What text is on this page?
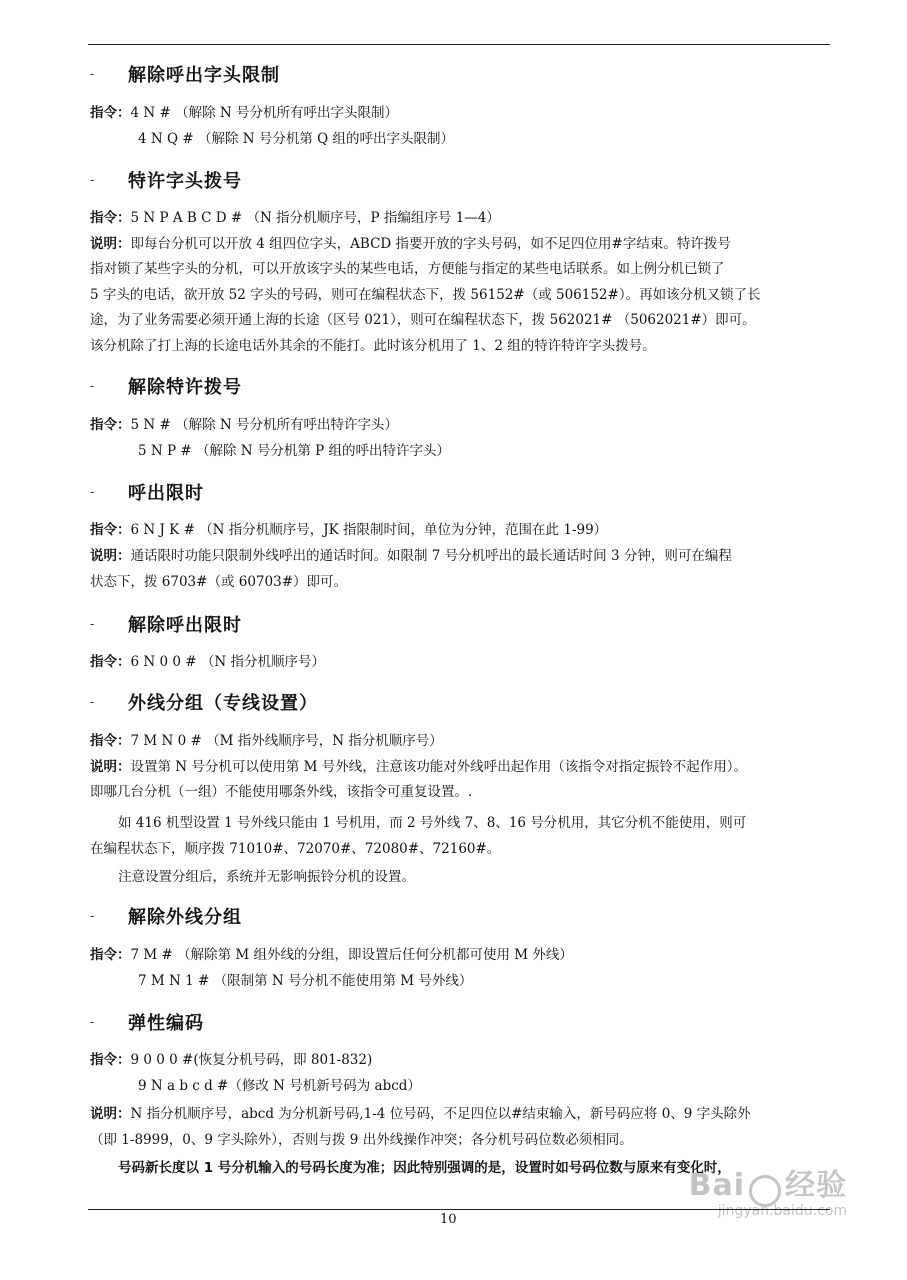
-	解除呼出字头限制
指令：4 N # （解除 N 号分机所有呼出字头限制）
4 N Q # （解除 N 号分机第 Q 组的呼出字头限制）
-	特许字头拨号
指令：5 N P A B C D # （N 指分机顺序号，P 指编组序号 1—4）
说明：即每台分机可以开放 4 组四位字头，ABCD 指要开放的字头号码，如不足四位用#字结束。特许拨号
指对锁了某些字头的分机，可以开放该字头的某些电话，方便能与指定的某些电话联系。如上例分机已锁了
5 字头的电话，欲开放 52 字头的号码，则可在编程状态下，拨 56152#（或 506152#）。再如该分机又锁了长
途，为了业务需要必须开通上海的长途（区号 021），则可在编程状态下，拨 562021# （5062021#）即可。
该分机除了打上海的长途电话外其余的不能打。此时该分机用了 1、2 组的特许特许字头拨号。
-	解除特许拨号
指令：5 N # （解除 N 号分机所有呼出特许字头）
5 N P # （解除 N 号分机第 P 组的呼出特许字头）
-	呼出限时
指令：6 N J K # （N 指分机顺序号，JK 指限制时间，单位为分钟，范围在此 1-99）
说明：通话限时功能只限制外线呼出的通话时间。如限制 7 号分机呼出的最长通话时间 3 分钟，则可在编程
状态下，拨 6703#（或 60703#）即可。
-	解除呼出限时
指令：6 N 0 0 # （N 指分机顺序号）
-	外线分组（专线设置）
指令：7 M N 0 # （M 指外线顺序号，N 指分机顺序号）
说明：设置第 N 号分机可以使用第 M 号外线，注意该功能对外线呼出起作用（该指令对指定振铃不起作用）。
即哪几台分机（一组）不能使用哪条外线，该指令可重复设置。.
如 416 机型设置 1 号外线只能由 1 号机用，而 2 号外线 7、8、16 号分机用，其它分机不能使用，则可
在编程状态下，顺序拨 71010#、72070#、72080#、72160#。
注意设置分组后，系统并无影响振铃分机的设置。
-	解除外线分组
指令：7 M # （解除第 M 组外线的分组，即设置后任何分机都可使用 M 外线）
7 M N 1 # （限制第 N 号分机不能使用第 M 号外线）
-	弹性编码
指令：9 0 0 0 #(恢复分机号码，即 801-832)
9 N a b c d #（修改 N 号机新号码为 abcd）
说明：N 指分机顺序号，abcd 为分机新号码,1-4 位号码，不足四位以#结束输入，新号码应将 0、9 字头除外
（即 1-8999，0、9 字头除外），否则与拨 9 出外线操作冲突；各分机号码位数必须相同。
号码新长度以 1 号分机输入的号码长度为准；因此特别强调的是，设置时如号码位数与原来有变化时，
Bai 经验
jingyan.baidu.com
10
